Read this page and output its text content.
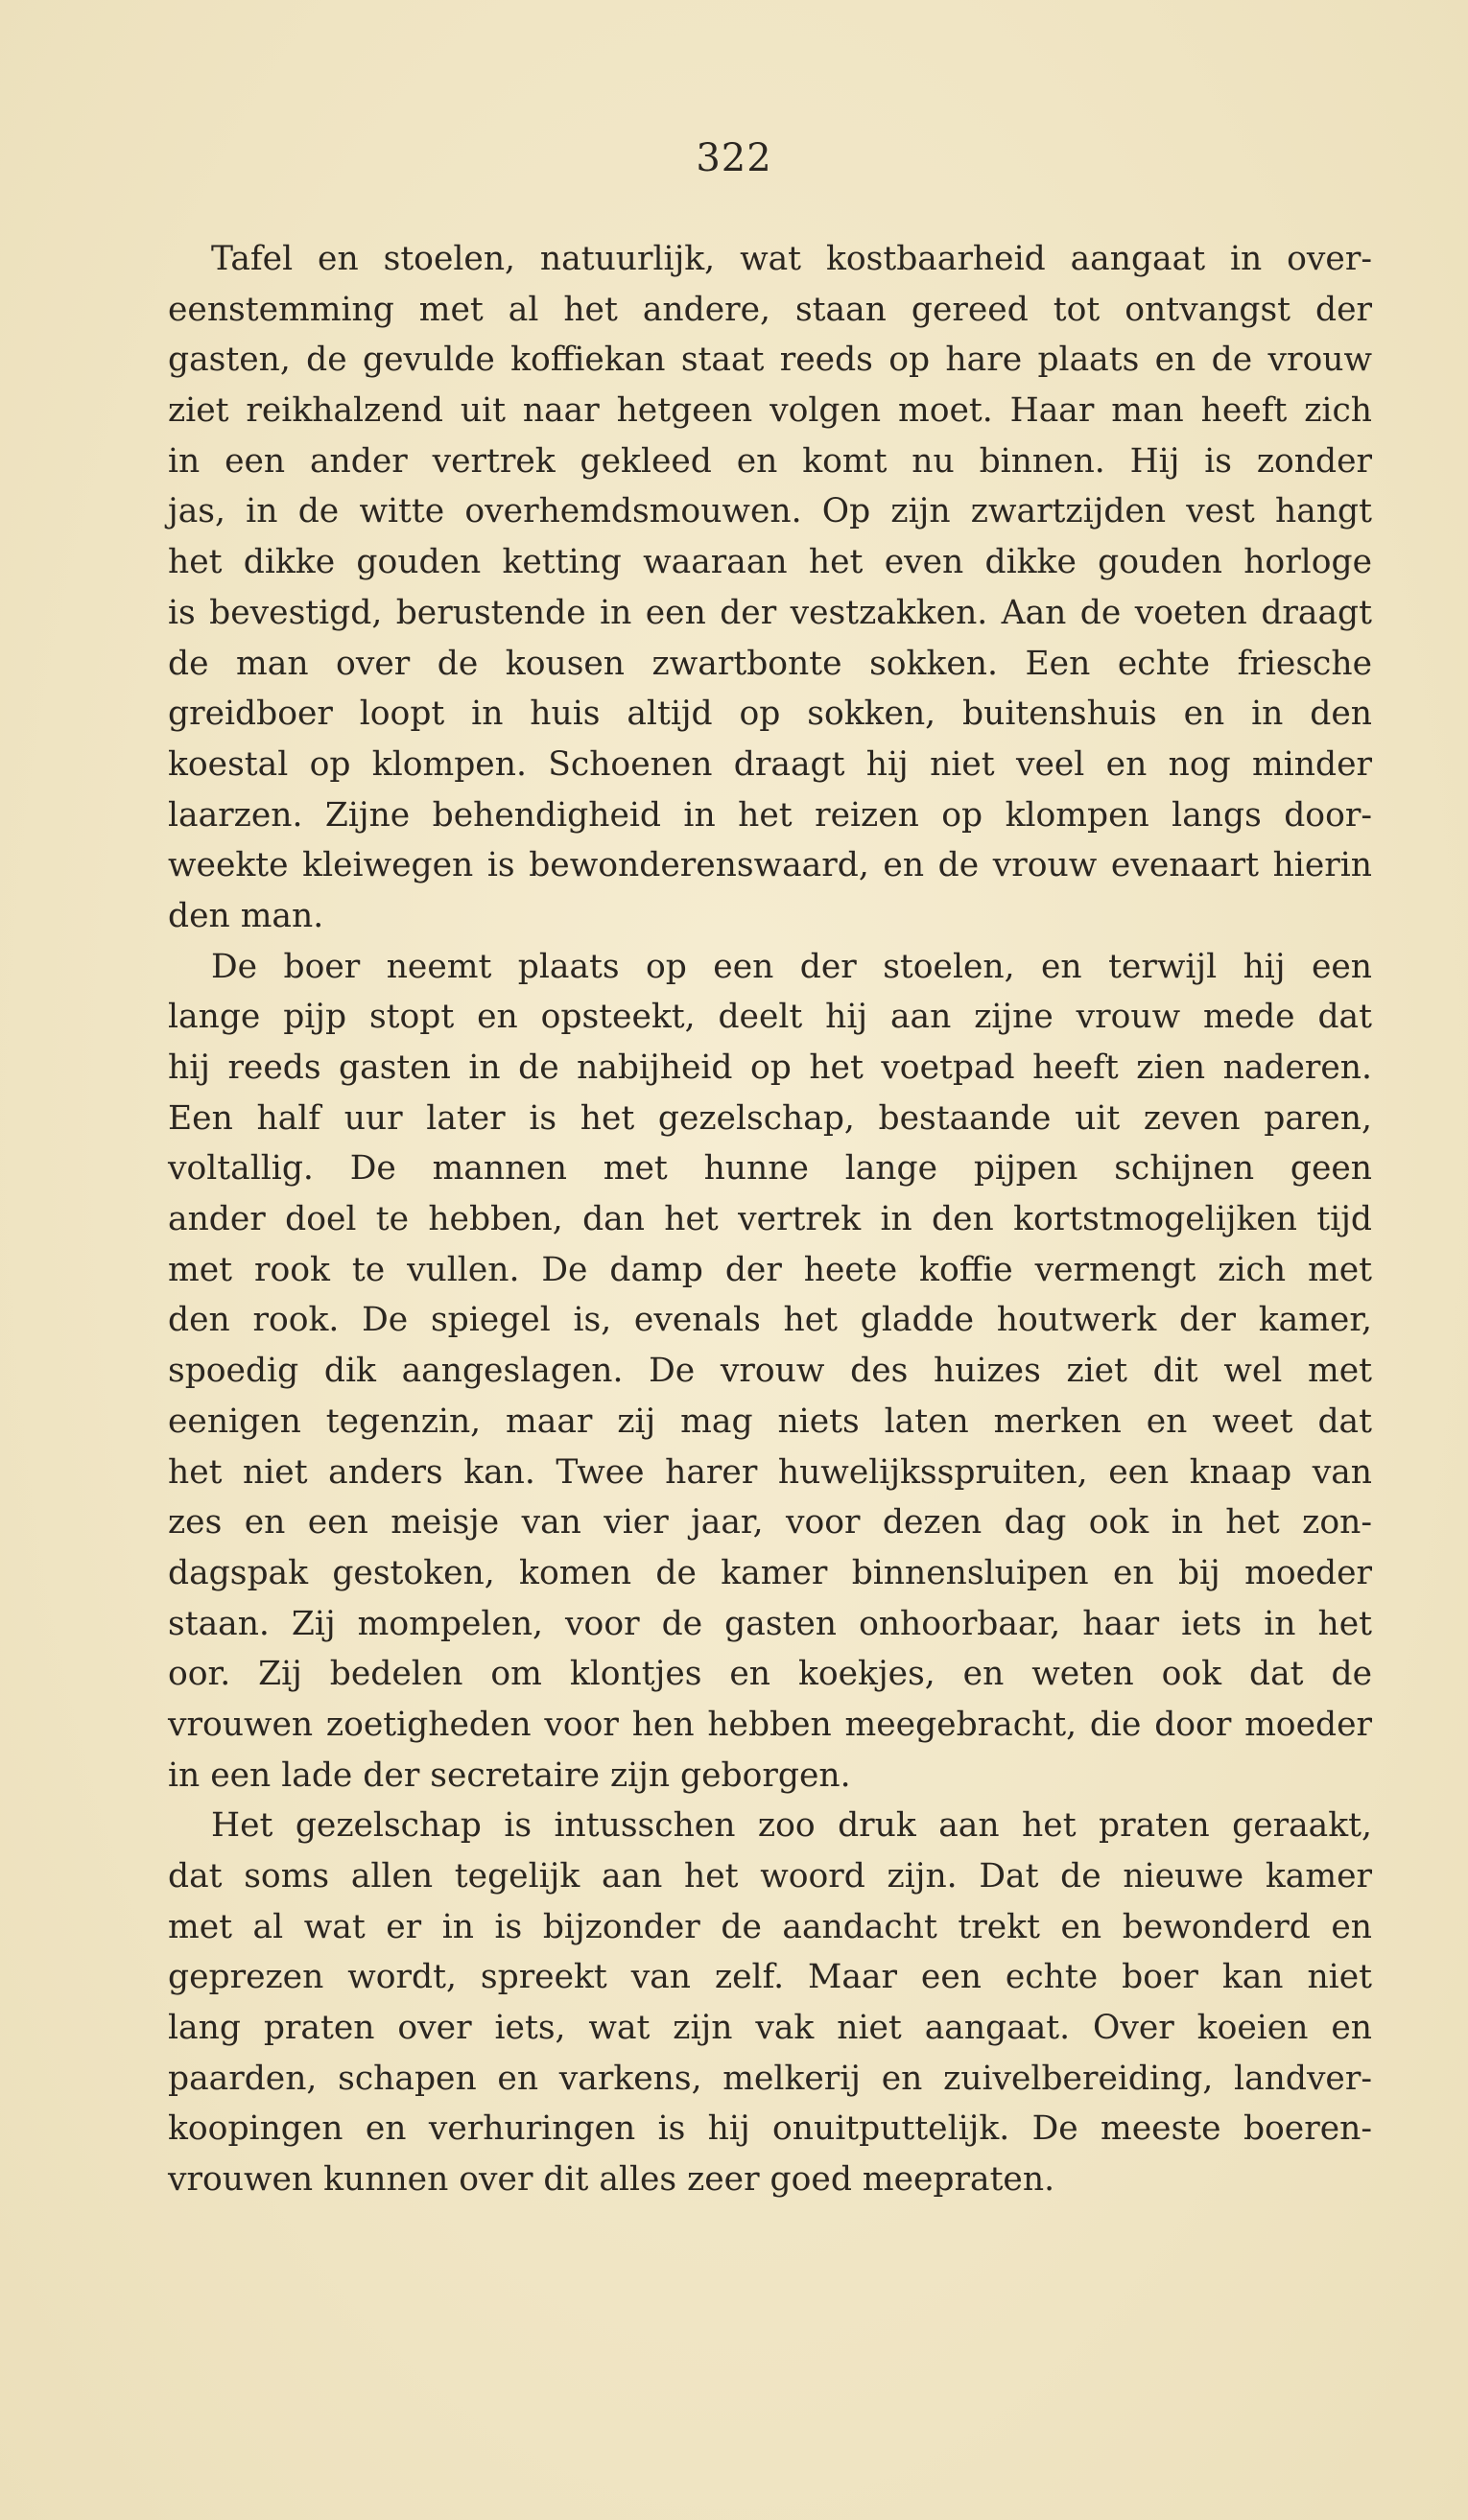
322

Tafel en stoelen, natuurlijk, wat kostbaarheid aangaat in over-
eenstemming met al het andere, staan gereed tot ontvangst der
gasten, de gevulde koffiekan staat reeds op hare plaats en de vrouw
ziet reikhalzend uit naar hetgeen volgen moet. Haar man heeft zich
in een ander vertrek gekleed en komt nu binnen. Hij is zonder
jas, in de witte overhemdsmouwen. Op zijn zwartzijden vest hangt
het dikke gouden ketting waaraan het even dikke gouden horloge
is bevestigd, berustende in een der vestzakken. Aan de voeten draagt
de man over de kousen zwartbonte sokken. Een echte friesche
greidboer loopt in huis altijd op sokken, buitenshuis en in den
koestal op klompen. Schoenen draagt hij niet veel en nog minder
laarzen. Zijne behendigheid in het reizen op klompen langs door-
weekte kleiwegen is bewonderenswaard, en de vrouw evenaart hierin
den man.

De boer neemt plaats op een der stoelen, en terwijl hij een
lange pijp stopt en opsteekt, deelt hij aan zijne vrouw mede dat
hij reeds gasten in de nabijheid op het voetpad heeft zien naderen.
Een half uur later is het gezelschap, bestaande uit zeven paren,
voltallig. De mannen met hunne lange pijpen schijnen geen
ander doel te hebben, dan het vertrek in den kortstmogelijken tijd
met rook te vullen. De damp der heete koffie vermengt zich met
den rook. De spiegel is, evenals het gladde houtwerk der kamer,
spoedig dik aangeslagen. De vrouw des huizes ziet dit wel met
eenigen tegenzin, maar zij mag niets laten merken en weet dat
het niet anders kan. Twee harer huwelijksspruiten, een knaap van
zes en een meisje van vier jaar, voor dezen dag ook in het zon-
dagspak gestoken, komen de kamer binnensluipen en bij moeder
staan. Zij mompelen, voor de gasten onhoorbaar, haar iets in het
oor. Zij bedelen om klontjes en koekjes, en weten ook dat de
vrouwen zoetigheden voor hen hebben meegebracht, die door moeder
in een lade der secretaire zijn geborgen.

Het gezelschap is intusschen zoo druk aan het praten geraakt,
dat soms allen tegelijk aan het woord zijn. Dat de nieuwe kamer
met al wat er in is bijzonder de aandacht trekt en bewonderd en
geprezen wordt, spreekt van zelf. Maar een echte boer kan niet
lang praten over iets, wat zijn vak niet aangaat. Over koeien en
paarden, schapen en varkens, melkerij en zuivelbereiding, landver-
koopingen en verhuringen is hij onuitputtelijk. De meeste boeren-
vrouwen kunnen over dit alles zeer goed meepraten.
